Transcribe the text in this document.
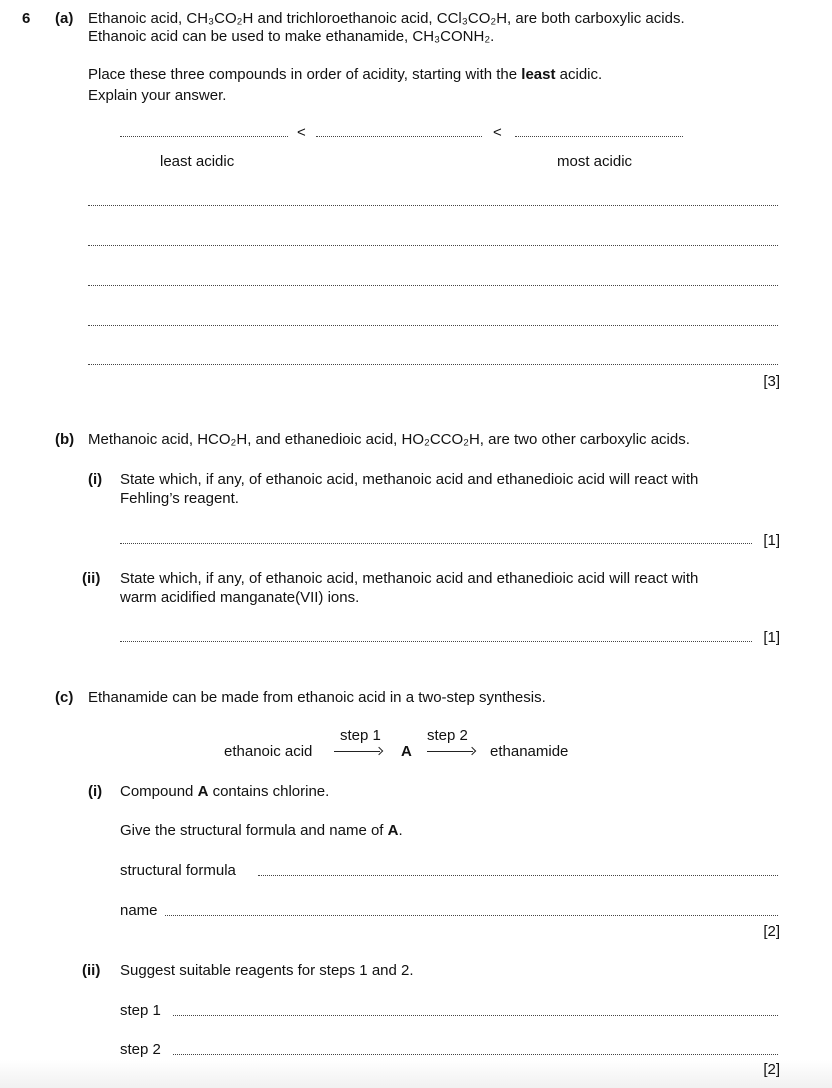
6 (a) Ethanoic acid, CH₃CO₂H and trichloroethanoic acid, CCl₃CO₂H, are both carboxylic acids.
Ethanoic acid can be used to make ethanamide, CH₃CONH₂.
Place these three compounds in order of acidity, starting with the least acidic.
Explain your answer.
<	<
least acidic	most acidic
[3]
(b) Methanoic acid, HCO₂H, and ethanedioic acid, HO₂CCO₂H, are two other carboxylic acids.
(i) State which, if any, of ethanoic acid, methanoic acid and ethanedioic acid will react with
Fehling’s reagent.
[1]
(ii) State which, if any, of ethanoic acid, methanoic acid and ethanedioic acid will react with
warm acidified manganate(VII) ions.
[1]
(c) Ethanamide can be made from ethanoic acid in a two-step synthesis.
ethanoic acid
step 1
A
step 2
ethanamide
(i) Compound A contains chlorine.
Give the structural formula and name of A.
structural formula
name
[2]
(ii) Suggest suitable reagents for steps 1 and 2.
step 1
step 2
[2]
